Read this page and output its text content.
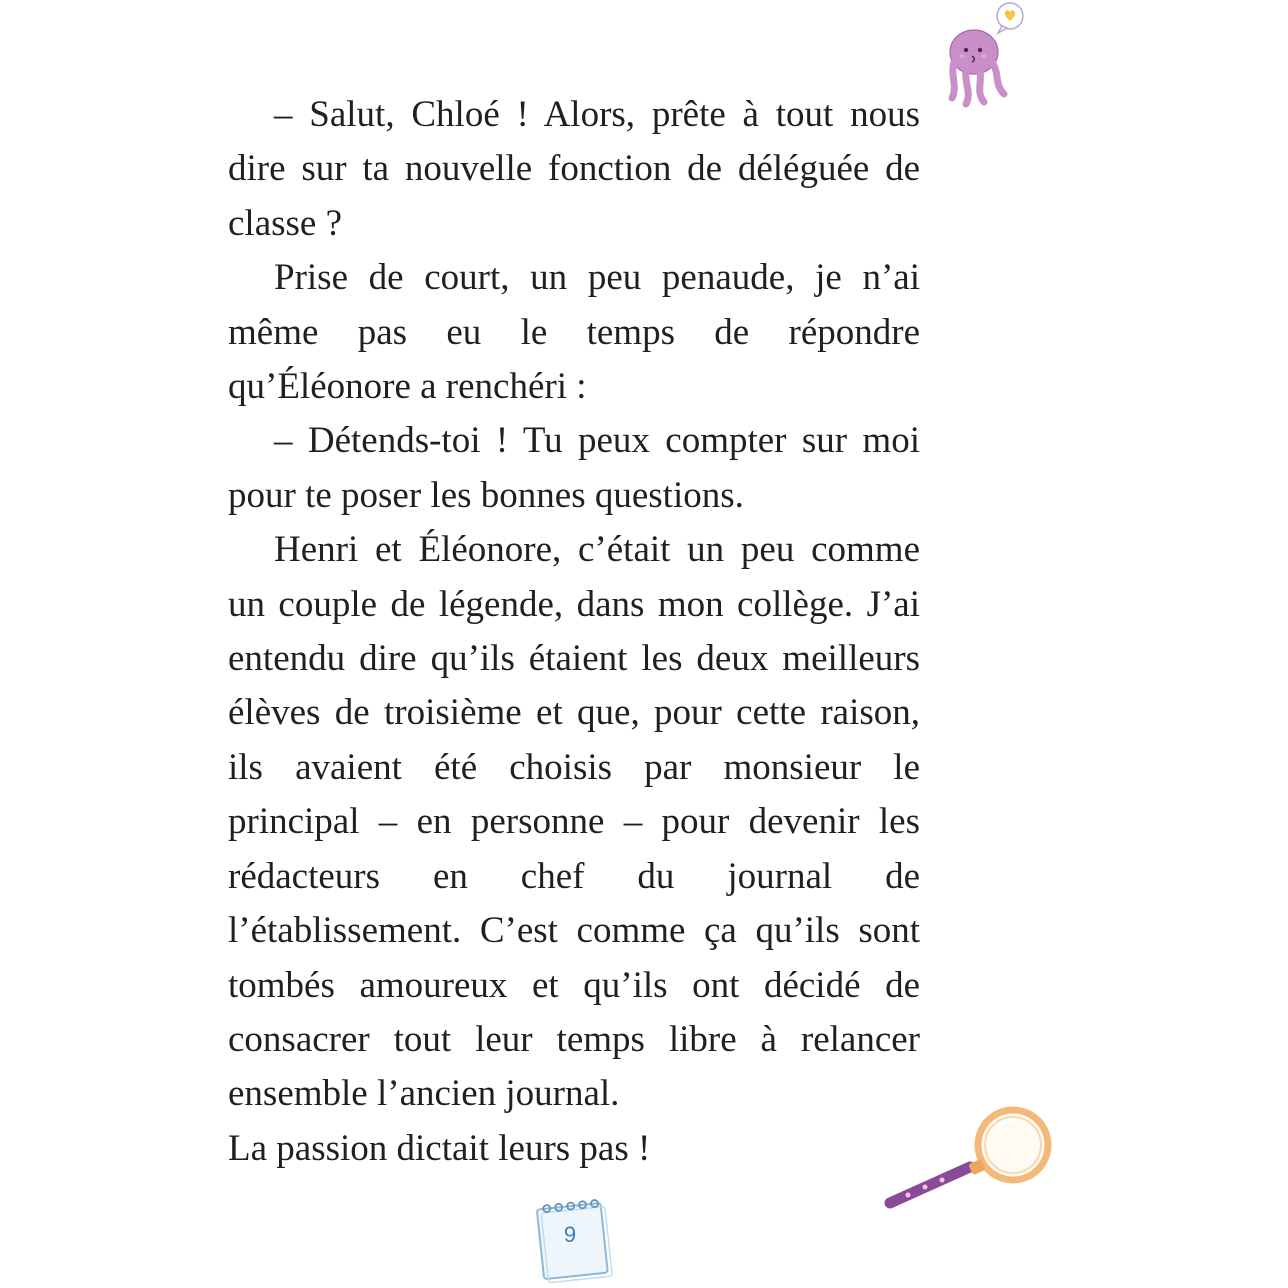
– Salut, Chloé ! Alors, prête à tout nous dire sur ta nouvelle fonction de déléguée de classe ?

Prise de court, un peu penaude, je n’ai même pas eu le temps de répondre qu’Éléonore a renchéri :

– Détends-toi ! Tu peux compter sur moi pour te poser les bonnes questions.

Henri et Éléonore, c’était un peu comme un couple de légende, dans mon collège. J’ai entendu dire qu’ils étaient les deux meilleurs élèves de troisième et que, pour cette raison, ils avaient été choisis par monsieur le principal – en personne – pour devenir les rédacteurs en chef du journal de l’établissement. C’est comme ça qu’ils sont tombés amoureux et qu’ils ont décidé de consacrer tout leur temps libre à relancer ensemble l’ancien journal.

La passion dictait leurs pas !

9
